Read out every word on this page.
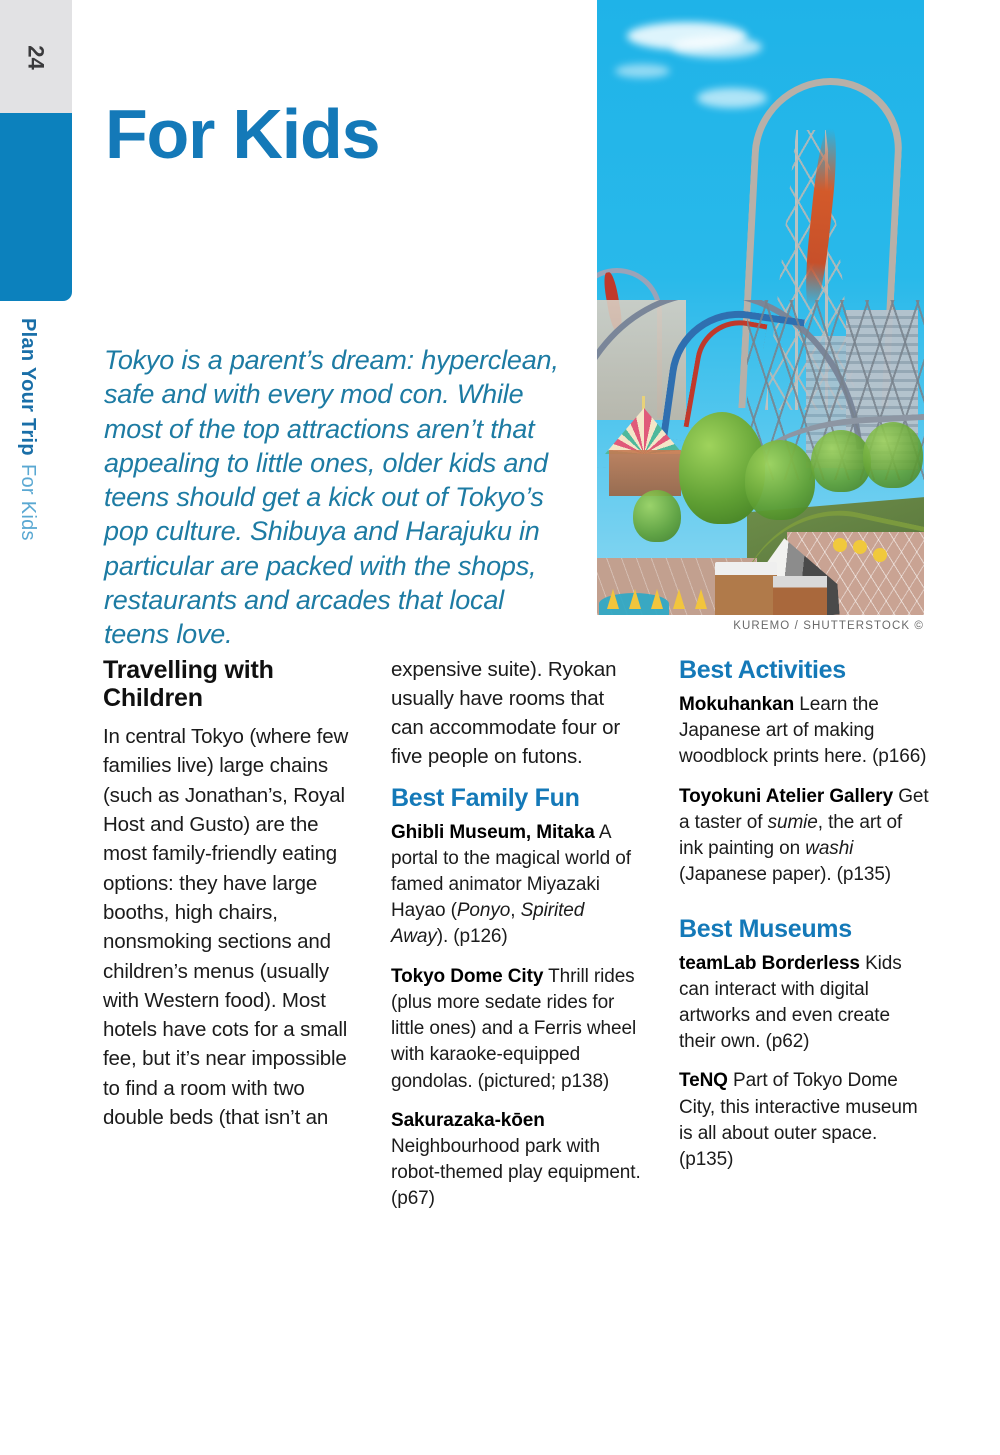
24
Plan Your Trip
For Kids
For Kids
KUREMO / SHUTTERSTOCK ©

Tokyo is a parent’s dream: hyperclean, safe and with every mod con. While most of the top attractions aren’t that appealing to little ones, older kids and teens should get a kick out of Tokyo’s pop culture. Shibuya and Harajuku in particular are packed with the shops, restaurants and arcades that local teens love.

Travelling with Children

In central Tokyo (where few families live) large chains (such as Jonathan’s, Royal Host and Gusto) are the most family-friendly eating options: they have large booths, high chairs, nonsmoking sections and children’s menus (usually with Western food). Most hotels have cots for a small fee, but it’s near impossible to find a room with two double beds (that isn’t an

expensive suite). Ryokan usually have rooms that can accommodate four or five people on futons.

Best Family Fun

Ghibli Museum, Mitaka A portal to the magical world of famed animator Miyazaki Hayao (Ponyo, Spirited Away). (p126)

Tokyo Dome City Thrill rides (plus more sedate rides for little ones) and a Ferris wheel with karaoke-equipped gondolas. (pictured; p138)

Sakurazaka-kōen Neighbourhood park with robot-themed play equipment. (p67)

Best Activities

Mokuhankan Learn the Japanese art of making woodblock prints here. (p166)

Toyokuni Atelier Gallery Get a taster of sumie, the art of ink painting on washi (Japanese paper). (p135)

Best Museums

teamLab Borderless Kids can interact with digital artworks and even create their own. (p62)

TeNQ Part of Tokyo Dome City, this interactive museum is all about outer space. (p135)
